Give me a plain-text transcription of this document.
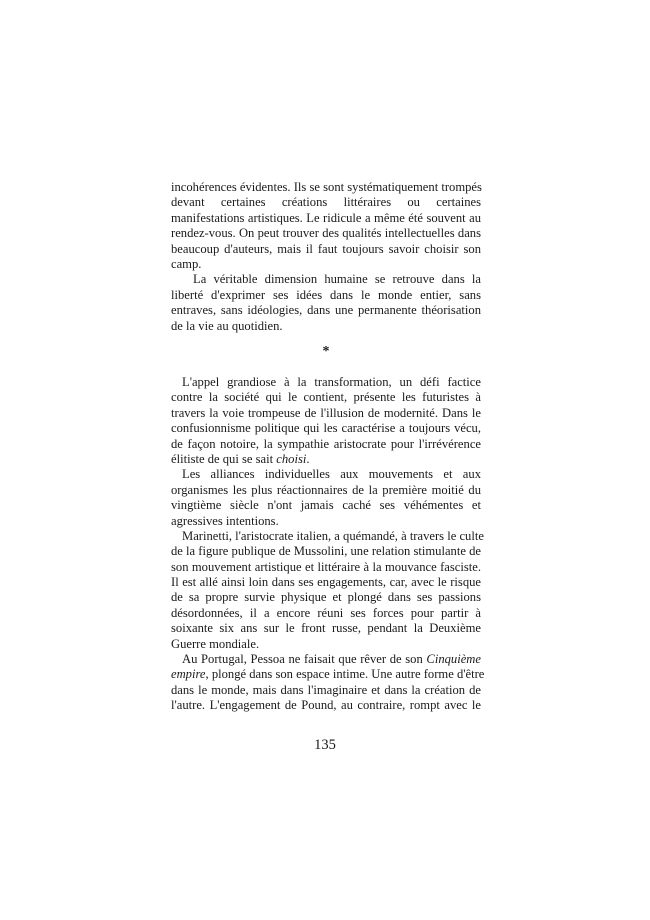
incohérences évidentes. Ils se sont systématiquement trompés
devant certaines créations littéraires ou certaines
manifestations artistiques. Le ridicule a même été souvent au
rendez-vous. On peut trouver des qualités intellectuelles dans
beaucoup d'auteurs, mais il faut toujours savoir choisir son
camp.
La véritable dimension humaine se retrouve dans la
liberté d'exprimer ses idées dans le monde entier, sans
entraves, sans idéologies, dans une permanente théorisation
de la vie au quotidien.
*
L'appel grandiose à la transformation, un défi factice
contre la société qui le contient, présente les futuristes à
travers la voie trompeuse de l'illusion de modernité. Dans le
confusionnisme politique qui les caractérise a toujours vécu,
de façon notoire, la sympathie aristocrate pour l'irrévérence
élitiste de qui se sait choisi.
Les alliances individuelles aux mouvements et aux
organismes les plus réactionnaires de la première moitié du
vingtième siècle n'ont jamais caché ses véhémentes et
agressives intentions.
Marinetti, l'aristocrate italien, a quémandé, à travers le culte
de la figure publique de Mussolini, une relation stimulante de
son mouvement artistique et littéraire à la mouvance fasciste.
Il est allé ainsi loin dans ses engagements, car, avec le risque
de sa propre survie physique et plongé dans ses passions
désordonnées, il a encore réuni ses forces pour partir à
soixante six ans sur le front russe, pendant la Deuxième
Guerre mondiale.
Au Portugal, Pessoa ne faisait que rêver de son Cinquième
empire, plongé dans son espace intime. Une autre forme d'être
dans le monde, mais dans l'imaginaire et dans la création de
l'autre. L'engagement de Pound, au contraire, rompt avec le
135
